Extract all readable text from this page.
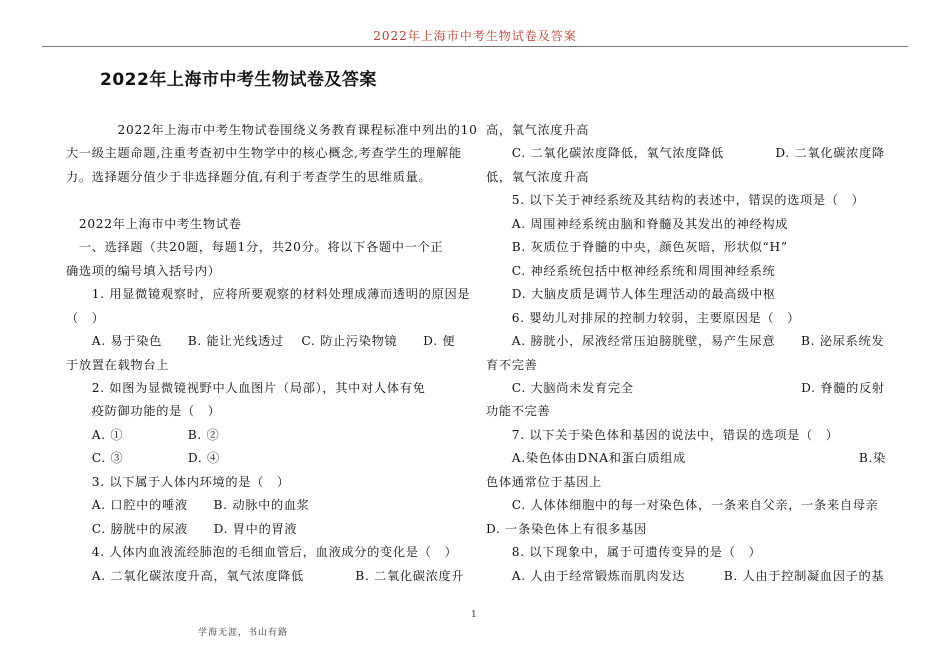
2022年上海市中考生物试卷及答案
2022年上海市中考生物试卷及答案
　　　　2022年上海市中考生物试卷围绕义务教育课程标准中列出的10
大一级主题命题,注重考查初中生物学中的核心概念,考查学生的理解能
力。选择题分值少于非选择题分值,有利于考查学生的思维质量。
　2022年上海市中考生物试卷
　一、选择题（共20题，每题1分，共20分。将以下各题中一个正
确选项的编号填入括号内）
　　1. 用显微镜观察时，应将所要观察的材料处理成薄而透明的原因是
（　）
　　A. 易于染色　　B. 能让光线透过　 C. 防止污染物镜　　D. 便
于放置在载物台上
　　2. 如图为显微镜视野中人血图片（局部），其中对人体有免
　　疫防御功能的是（　）
　　A. ①　　　　　B. ②
　　C. ③　　　　　D. ④
　　3. 以下属于人体内环境的是（　）
　　A. 口腔中的唾液　　B. 动脉中的血浆
　　C. 膀胱中的尿液　　D. 胃中的胃液
　　4. 人体内血液流经肺泡的毛细血管后，血液成分的变化是（　）
　　A. 二氧化碳浓度升高，氧气浓度降低　　　　B. 二氧化碳浓度升
高，氧气浓度升高
　　C. 二氧化碳浓度降低，氧气浓度降低　　　　D. 二氧化碳浓度降
低，氧气浓度升高
　　5. 以下关于神经系统及其结构的表述中，错误的选项是（　）
　　A. 周围神经系统由脑和脊髓及其发出的神经构成
　　B. 灰质位于脊髓的中央，颜色灰暗，形状似“H”
　　C. 神经系统包括中枢神经系统和周围神经系统
　　D. 大脑皮质是调节人体生理活动的最高级中枢
　　6. 婴幼儿对排尿的控制力较弱，主要原因是（　）
　　A. 膀胱小，尿液经常压迫膀胱壁，易产生尿意　　B. 泌尿系统发
育不完善
　　C. 大脑尚未发育完全　　　　　　　　　　　　　D. 脊髓的反射
功能不完善
　　7. 以下关于染色体和基因的说法中，错误的选项是（　）
　　A.染色体由DNA和蛋白质组成	B.染
色体通常位于基因上
　　C. 人体体细胞中的每一对染色体，一条来自父亲，一条来自母亲
D. 一条染色体上有很多基因
　　8. 以下现象中，属于可遗传变异的是（　）
　　A. 人由于经常锻炼而肌肉发达　　　B. 人由于控制凝血因子的基
1
学海无涯，书山有路
